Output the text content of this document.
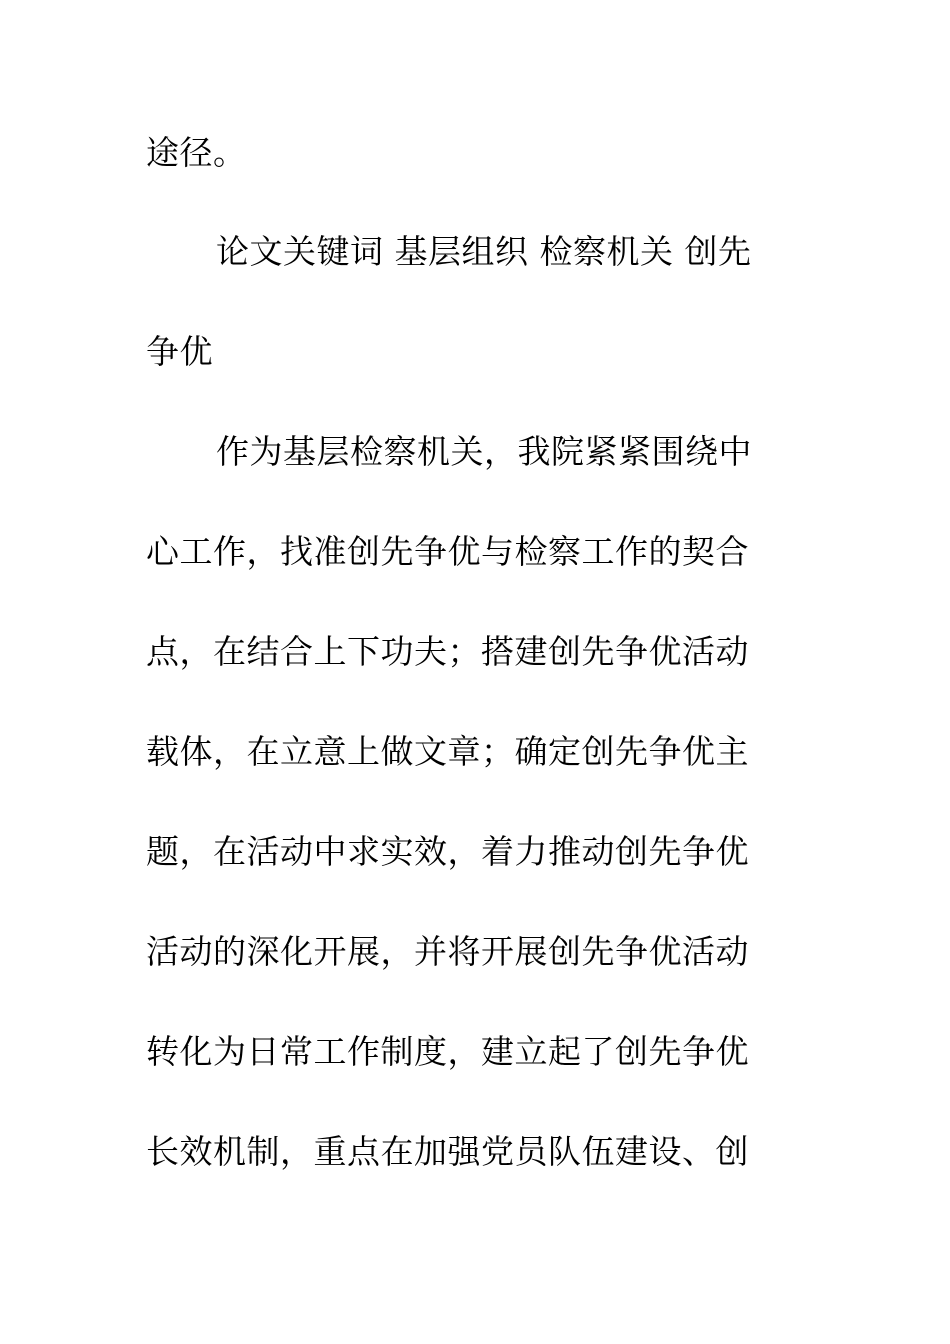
途径。
论文关键词 基层组织 检察机关 创先
争优
作为基层检察机关，我院紧紧围绕中
心工作，找准创先争优与检察工作的契合
点，在结合上下功夫；搭建创先争优活动
载体，在立意上做文章；确定创先争优主
题，在活动中求实效，着力推动创先争优
活动的深化开展，并将开展创先争优活动
转化为日常工作制度，建立起了创先争优
长效机制，重点在加强党员队伍建设、创
